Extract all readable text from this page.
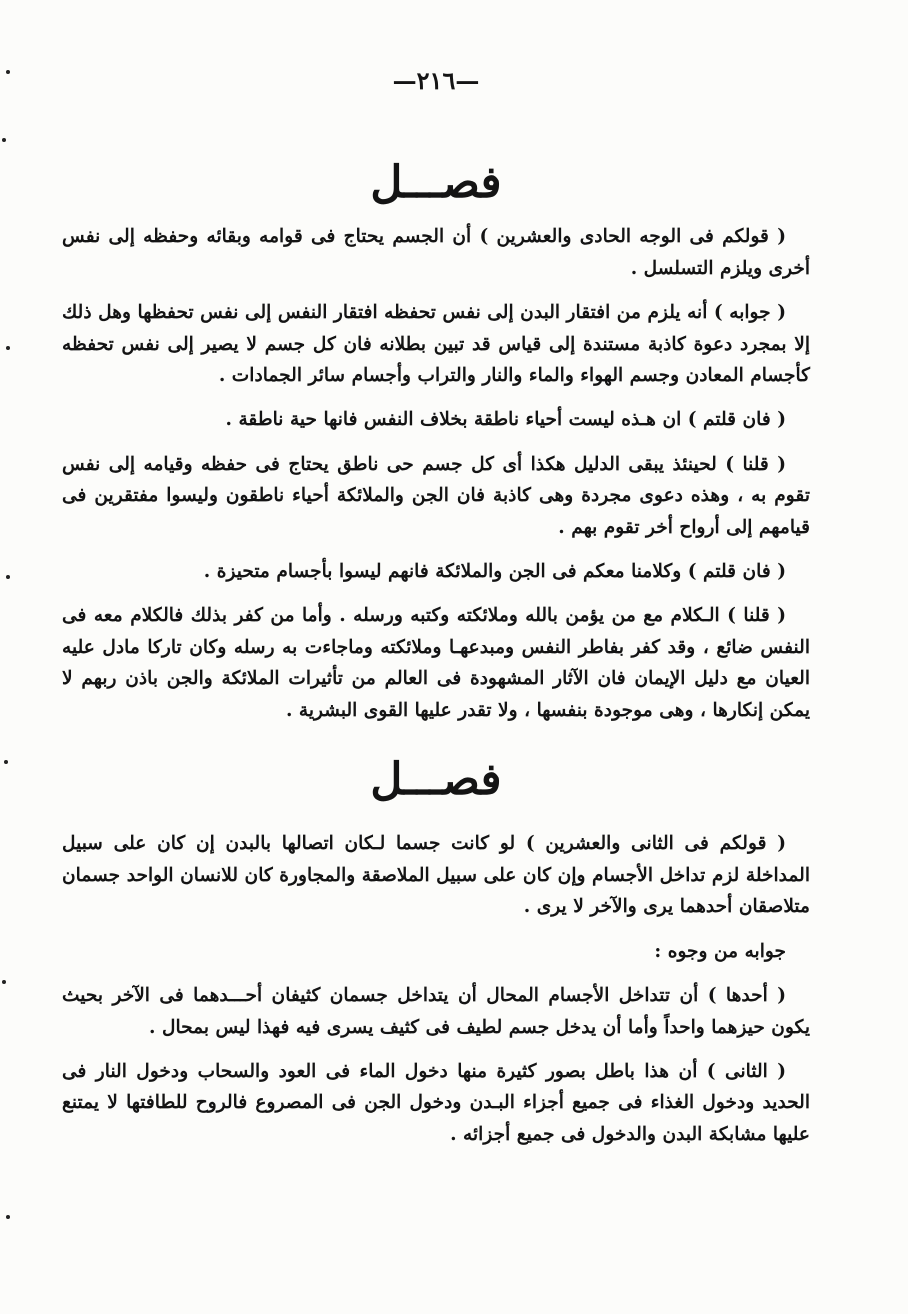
—٢١٦—
فصـــل

( قولكم فى الوجه الحادى والعشرين ) أن الجسم يحتاج فى قوامه وبقائه وحفظه إلى نفس أخرى ويلزم التسلسل .

( جوابه ) أنه يلزم من افتقار البدن إلى نفس تحفظه افتقار النفس إلى نفس تحفظها وهل ذلك إلا بمجرد دعوة كاذبة مستندة إلى قياس قد تبين بطلانه فان كل جسم لا يصير إلى نفس تحفظه كأجسام المعادن وجسم الهواء والماء والنار والتراب وأجسام سائر الجمادات .

( فان قلتم ) ان هـذه ليست أحياء ناطقة بخلاف النفس فانها حية ناطقة .

( قلنا ) لحينئذ يبقى الدليل هكذا أى كل جسم حى ناطق يحتاج فى حفظه وقيامه إلى نفس تقوم به ، وهذه دعوى مجردة وهى كاذبة فان الجن والملائكة أحياء ناطقون وليسوا مفتقرين فى قيامهم إلى أرواح أخر تقوم بهم .

( فان قلتم ) وكلامنا معكم فى الجن والملائكة فانهم ليسوا بأجسام متحيزة .

( قلنا ) الـكلام مع من يؤمن بالله وملائكته وكتبه ورسله . وأما من كفر بذلك فالكلام معه فى النفس ضائع ، وقد كفر بفاطر النفس ومبدعهـا وملائكته وماجاءت به رسله وكان تاركا مادل عليه العيان مع دليل الإيمان فان الآثار المشهودة فى العالم من تأثيرات الملائكة والجن باذن ربهم لا يمكن إنكارها ، وهى موجودة بنفسها ، ولا تقدر عليها القوى البشرية .

فصـــل

( قولكم فى الثانى والعشرين ) لو كانت جسما لـكان اتصالها بالبدن إن كان على سبيل المداخلة لزم تداخل الأجسام وإن كان على سبيل الملاصقة والمجاورة كان للانسان الواحد جسمان متلاصقان أحدهما يرى والآخر لا يرى .

جوابه من وجوه :

( أحدها ) أن تتداخل الأجسام المحال أن يتداخل جسمان كثيفان أحـــدهما فى الآخر بحيث يكون حيزهما واحداً وأما أن يدخل جسم لطيف فى كثيف يسرى فيه فهذا ليس بمحال .

( الثانى ) أن هذا باطل بصور كثيرة منها دخول الماء فى العود والسحاب ودخول النار فى الحديد ودخول الغذاء فى جميع أجزاء البـدن ودخول الجن فى المصروع فالروح للطافتها لا يمتنع عليها مشابكة البدن والدخول فى جميع أجزائه .
